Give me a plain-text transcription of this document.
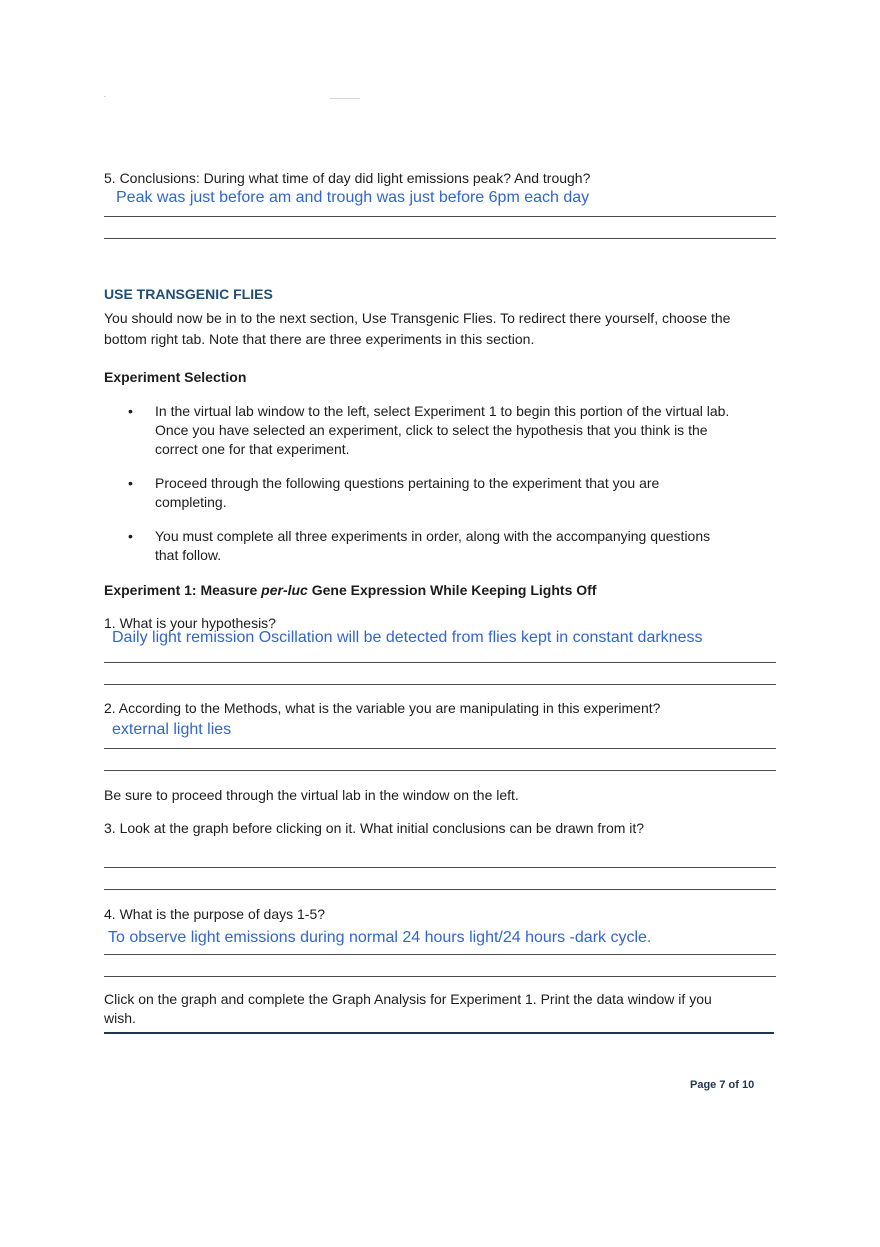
5. Conclusions: During what time of day did light emissions peak? And trough?
Peak was just before am and trough was just before 6pm each day
USE TRANSGENIC FLIES
You should now be in to the next section, Use Transgenic Flies. To redirect there yourself, choose the
bottom right tab. Note that there are three experiments in this section.
Experiment Selection
• In the virtual lab window to the left, select Experiment 1 to begin this portion of the virtual lab.
Once you have selected an experiment, click to select the hypothesis that you think is the
correct one for that experiment.
• Proceed through the following questions pertaining to the experiment that you are
completing.
• You must complete all three experiments in order, along with the accompanying questions
that follow.
Experiment 1: Measure per-luc Gene Expression While Keeping Lights Off
1. What is your hypothesis?
Daily light remission Oscillation will be detected from flies kept in constant darkness
2. According to the Methods, what is the variable you are manipulating in this experiment?
external light lies
Be sure to proceed through the virtual lab in the window on the left.
3. Look at the graph before clicking on it. What initial conclusions can be drawn from it?
4. What is the purpose of days 1-5?
To observe light emissions during normal 24 hours light/24 hours -dark cycle.
Click on the graph and complete the Graph Analysis for Experiment 1. Print the data window if you
wish.
Page 7 of 10
